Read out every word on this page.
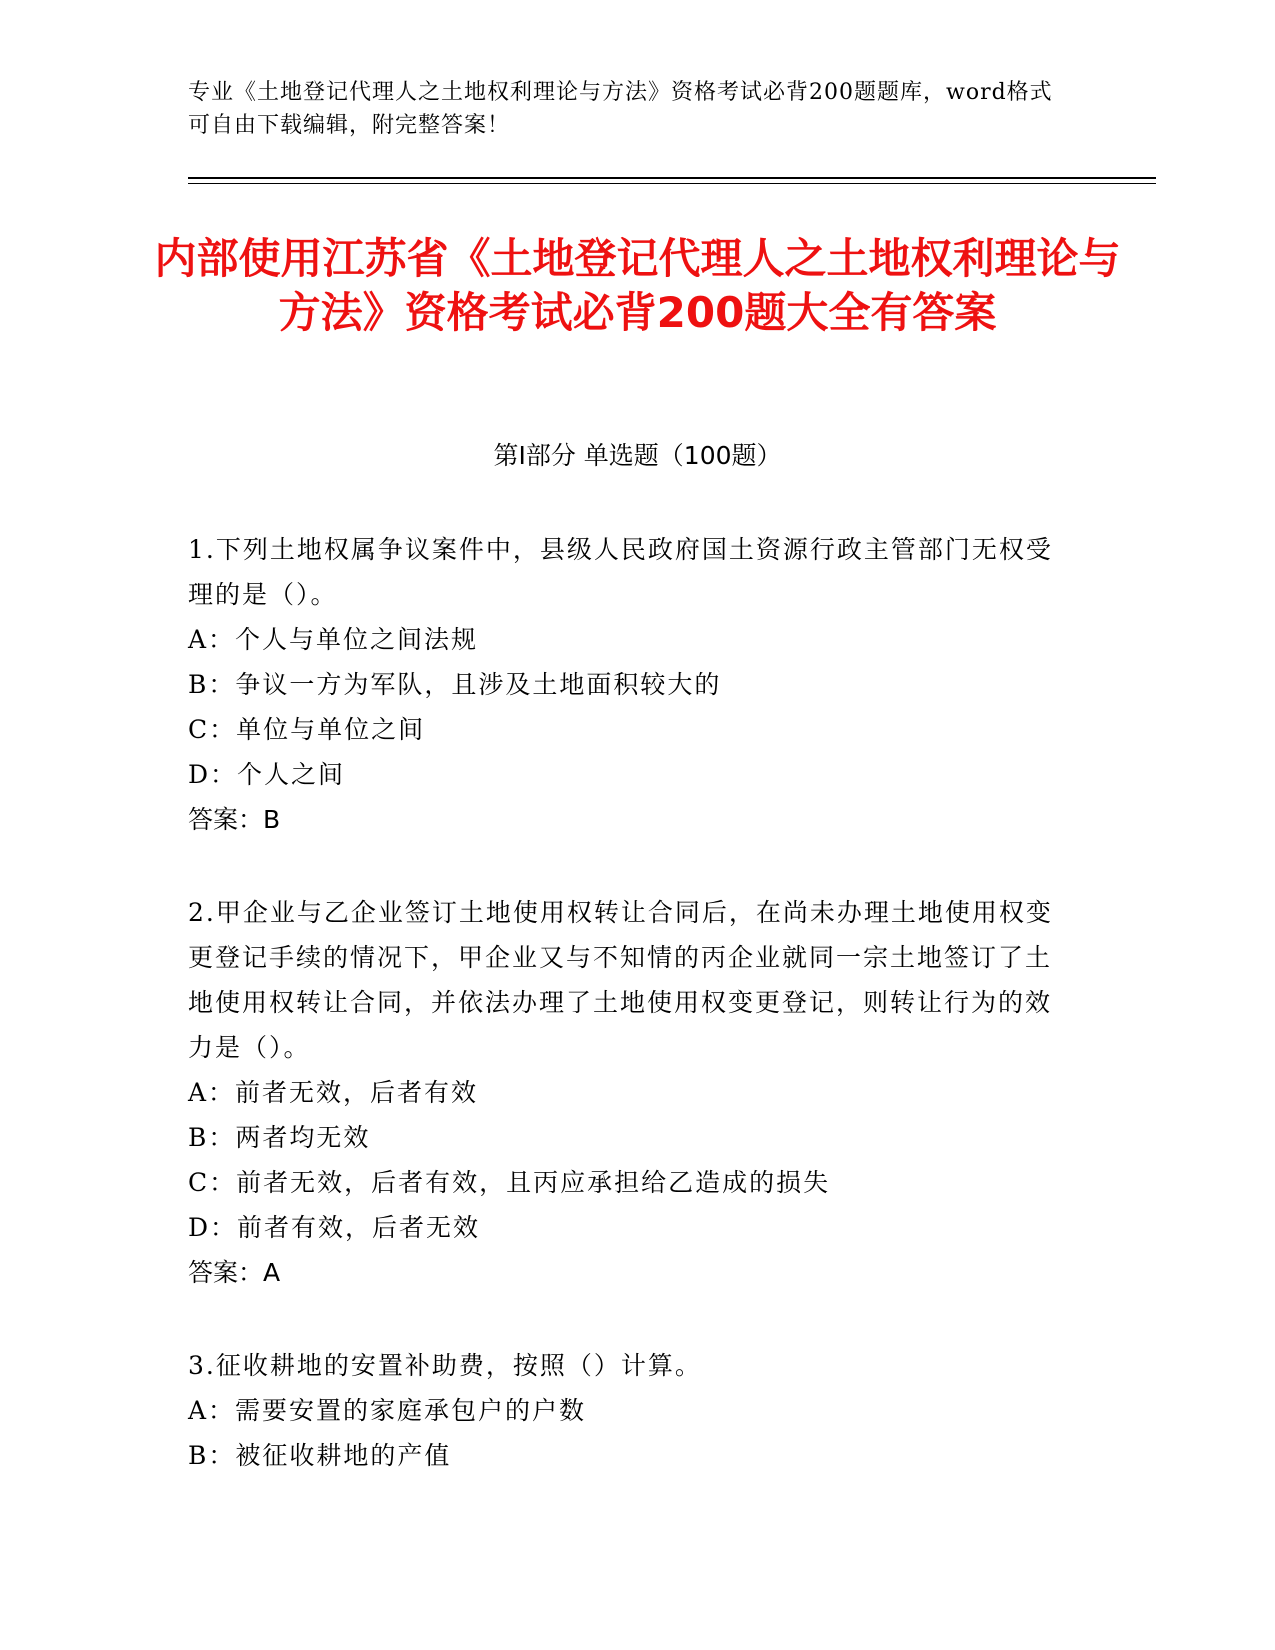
专业《土地登记代理人之土地权利理论与方法》资格考试必背200题题库，word格式可自由下载编辑，附完整答案！
内部使用江苏省《土地登记代理人之土地权利理论与方法》资格考试必背200题大全有答案
第Ⅰ部分 单选题（100题）
1.下列土地权属争议案件中，县级人民政府国土资源行政主管部门无权受理的是（）。
A：个人与单位之间法规
B：争议一方为军队，且涉及土地面积较大的
C：单位与单位之间
D：个人之间
答案：B
2.甲企业与乙企业签订土地使用权转让合同后，在尚未办理土地使用权变更登记手续的情况下，甲企业又与不知情的丙企业就同一宗土地签订了土地使用权转让合同，并依法办理了土地使用权变更登记，则转让行为的效力是（）。
A：前者无效，后者有效
B：两者均无效
C：前者无效，后者有效，且丙应承担给乙造成的损失
D：前者有效，后者无效
答案：A
3.征收耕地的安置补助费，按照（）计算。
A：需要安置的家庭承包户的户数
B：被征收耕地的产值
